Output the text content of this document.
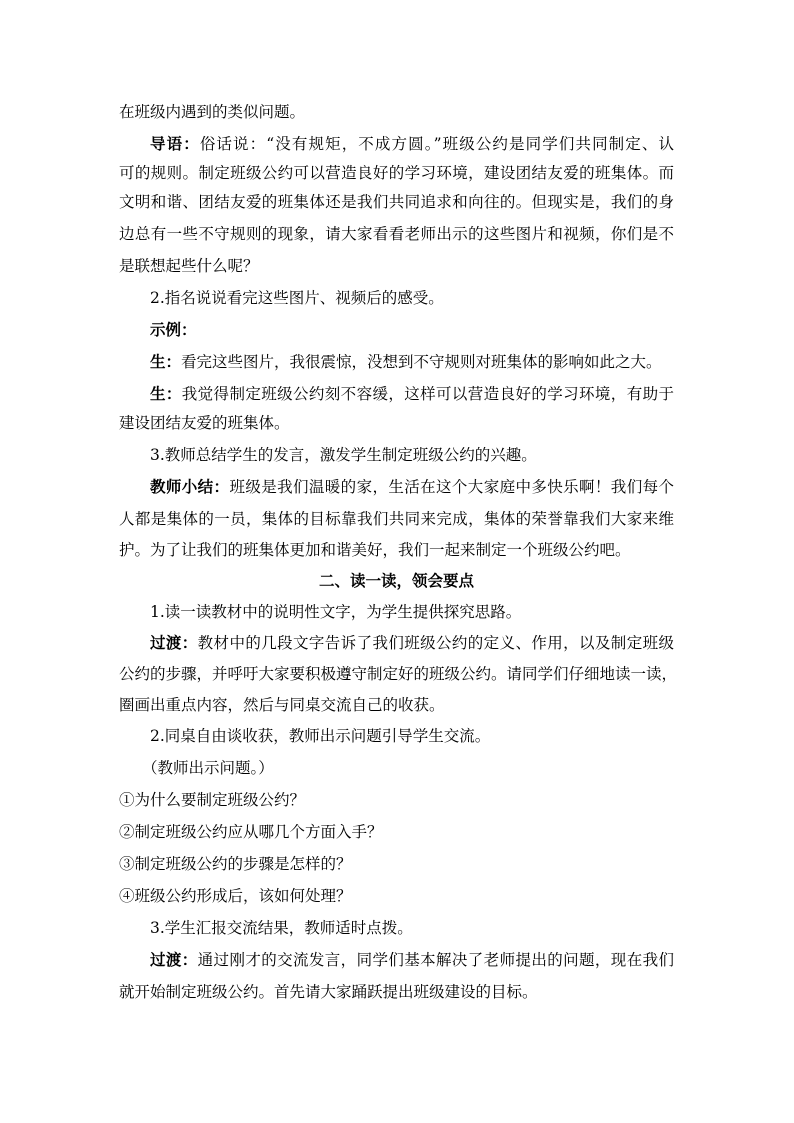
在班级内遇到的类似问题。
导语：俗话说：“没有规矩，不成方圆。”班级公约是同学们共同制定、认
可的规则。制定班级公约可以营造良好的学习环境，建设团结友爱的班集体。而
文明和谐、团结友爱的班集体还是我们共同追求和向往的。但现实是，我们的身
边总有一些不守规则的现象，请大家看看老师出示的这些图片和视频，你们是不
是联想起些什么呢？
2.指名说说看完这些图片、视频后的感受。
示例：
生：看完这些图片，我很震惊，没想到不守规则对班集体的影响如此之大。
生：我觉得制定班级公约刻不容缓，这样可以营造良好的学习环境，有助于
建设团结友爱的班集体。
3.教师总结学生的发言，激发学生制定班级公约的兴趣。
教师小结：班级是我们温暖的家，生活在这个大家庭中多快乐啊！我们每个
人都是集体的一员，集体的目标靠我们共同来完成，集体的荣誉靠我们大家来维
护。为了让我们的班集体更加和谐美好，我们一起来制定一个班级公约吧。
二、读一读，领会要点
1.读一读教材中的说明性文字，为学生提供探究思路。
过渡：教材中的几段文字告诉了我们班级公约的定义、作用，以及制定班级
公约的步骤，并呼吁大家要积极遵守制定好的班级公约。请同学们仔细地读一读，
圈画出重点内容，然后与同桌交流自己的收获。
2.同桌自由谈收获，教师出示问题引导学生交流。
（教师出示问题。）
①为什么要制定班级公约？
②制定班级公约应从哪几个方面入手？
③制定班级公约的步骤是怎样的？
④班级公约形成后，该如何处理？
3.学生汇报交流结果，教师适时点拨。
过渡：通过刚才的交流发言，同学们基本解决了老师提出的问题，现在我们
就开始制定班级公约。首先请大家踊跃提出班级建设的目标。
